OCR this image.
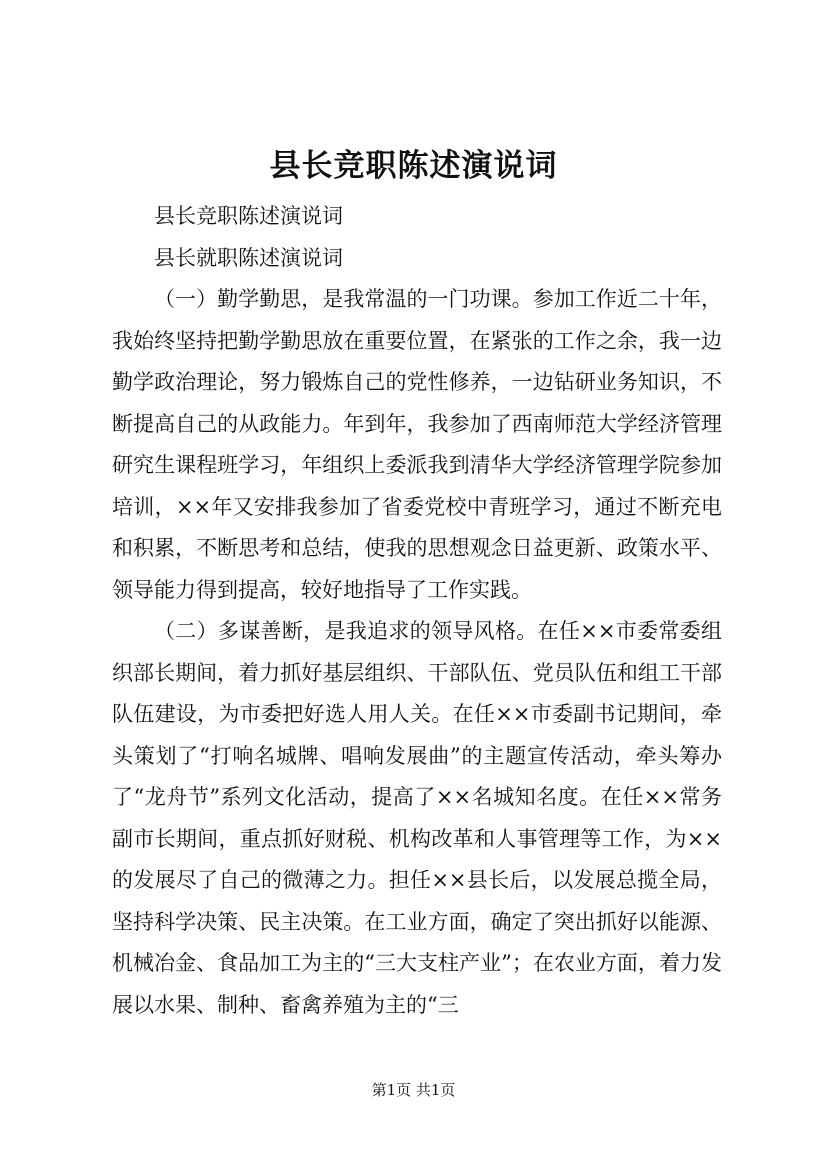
县长竞职陈述演说词

县长竞职陈述演说词

县长就职陈述演说词

（一）勤学勤思，是我常温的一门功课。参加工作近二十年，我始终坚持把勤学勤思放在重要位置，在紧张的工作之余，我一边勤学政治理论，努力锻炼自己的党性修养，一边钻研业务知识，不断提高自己的从政能力。年到年，我参加了西南师范大学经济管理研究生课程班学习，年组织上委派我到清华大学经济管理学院参加培训，××年又安排我参加了省委党校中青班学习，通过不断充电和积累，不断思考和总结，使我的思想观念日益更新、政策水平、领导能力得到提高，较好地指导了工作实践。

（二）多谋善断，是我追求的领导风格。在任××市委常委组织部长期间，着力抓好基层组织、干部队伍、党员队伍和组工干部队伍建设，为市委把好选人用人关。在任××市委副书记期间，牵头策划了“打响名城牌、唱响发展曲”的主题宣传活动，牵头筹办了“龙舟节”系列文化活动，提高了××名城知名度。在任××常务副市长期间，重点抓好财税、机构改革和人事管理等工作，为××的发展尽了自己的微薄之力。担任××县长后，以发展总揽全局，坚持科学决策、民主决策。在工业方面，确定了突出抓好以能源、机械冶金、食品加工为主的“三大支柱产业”；在农业方面，着力发展以水果、制种、畜禽养殖为主的“三

第1页 共1页
